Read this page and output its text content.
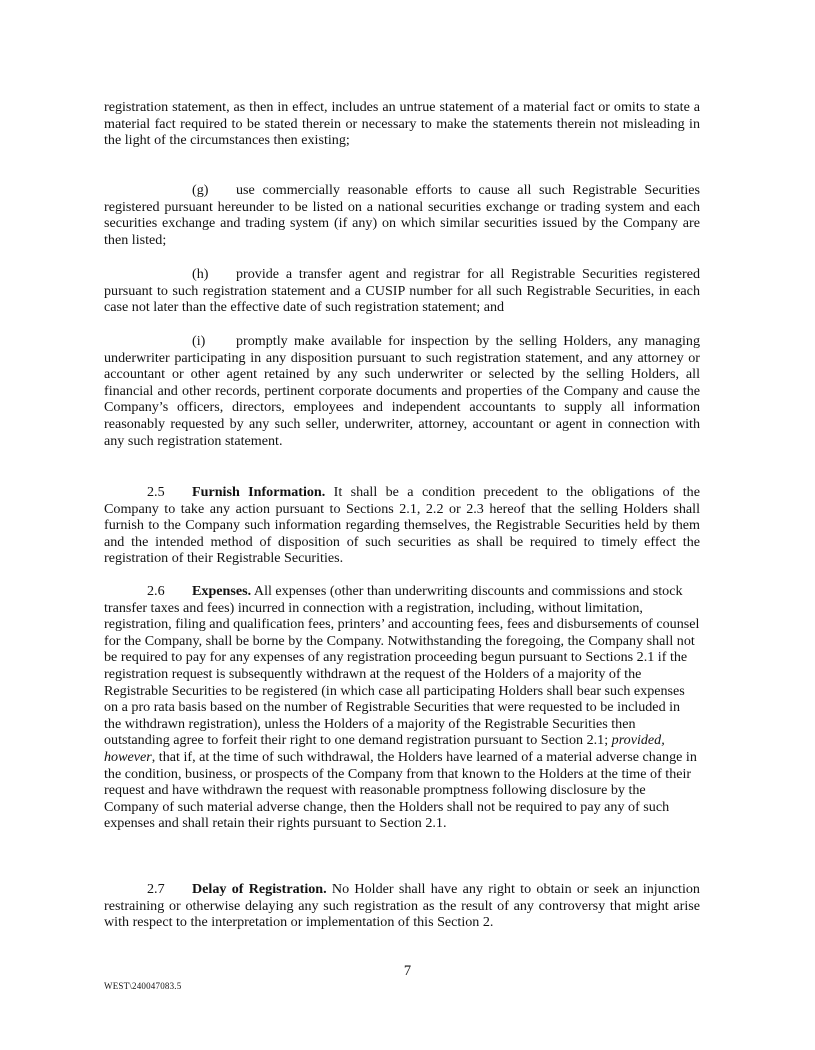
registration statement, as then in effect, includes an untrue statement of a material fact or omits to state a material fact required to be stated therein or necessary to make the statements therein not misleading in the light of the circumstances then existing;

(g) use commercially reasonable efforts to cause all such Registrable Securities registered pursuant hereunder to be listed on a national securities exchange or trading system and each securities exchange and trading system (if any) on which similar securities issued by the Company are then listed;

(h) provide a transfer agent and registrar for all Registrable Securities registered pursuant to such registration statement and a CUSIP number for all such Registrable Securities, in each case not later than the effective date of such registration statement; and

(i) promptly make available for inspection by the selling Holders, any managing underwriter participating in any disposition pursuant to such registration statement, and any attorney or accountant or other agent retained by any such underwriter or selected by the selling Holders, all financial and other records, pertinent corporate documents and properties of the Company and cause the Company’s officers, directors, employees and independent accountants to supply all information reasonably requested by any such seller, underwriter, attorney, accountant or agent in connection with any such registration statement.

2.5 Furnish Information. It shall be a condition precedent to the obligations of the Company to take any action pursuant to Sections 2.1, 2.2 or 2.3 hereof that the selling Holders shall furnish to the Company such information regarding themselves, the Registrable Securities held by them and the intended method of disposition of such securities as shall be required to timely effect the registration of their Registrable Securities.

2.6 Expenses. All expenses (other than underwriting discounts and commissions and stock transfer taxes and fees) incurred in connection with a registration, including, without limitation, registration, filing and qualification fees, printers’ and accounting fees, fees and disbursements of counsel for the Company, shall be borne by the Company. Notwithstanding the foregoing, the Company shall not be required to pay for any expenses of any registration proceeding begun pursuant to Sections 2.1 if the registration request is subsequently withdrawn at the request of the Holders of a majority of the Registrable Securities to be registered (in which case all participating Holders shall bear such expenses on a pro rata basis based on the number of Registrable Securities that were requested to be included in the withdrawn registration), unless the Holders of a majority of the Registrable Securities then outstanding agree to forfeit their right to one demand registration pursuant to Section 2.1; provided, however, that if, at the time of such withdrawal, the Holders have learned of a material adverse change in the condition, business, or prospects of the Company from that known to the Holders at the time of their request and have withdrawn the request with reasonable promptness following disclosure by the Company of such material adverse change, then the Holders shall not be required to pay any of such expenses and shall retain their rights pursuant to Section 2.1.

2.7 Delay of Registration. No Holder shall have any right to obtain or seek an injunction restraining or otherwise delaying any such registration as the result of any controversy that might arise with respect to the interpretation or implementation of this Section 2.

7
WEST\240047083.5
